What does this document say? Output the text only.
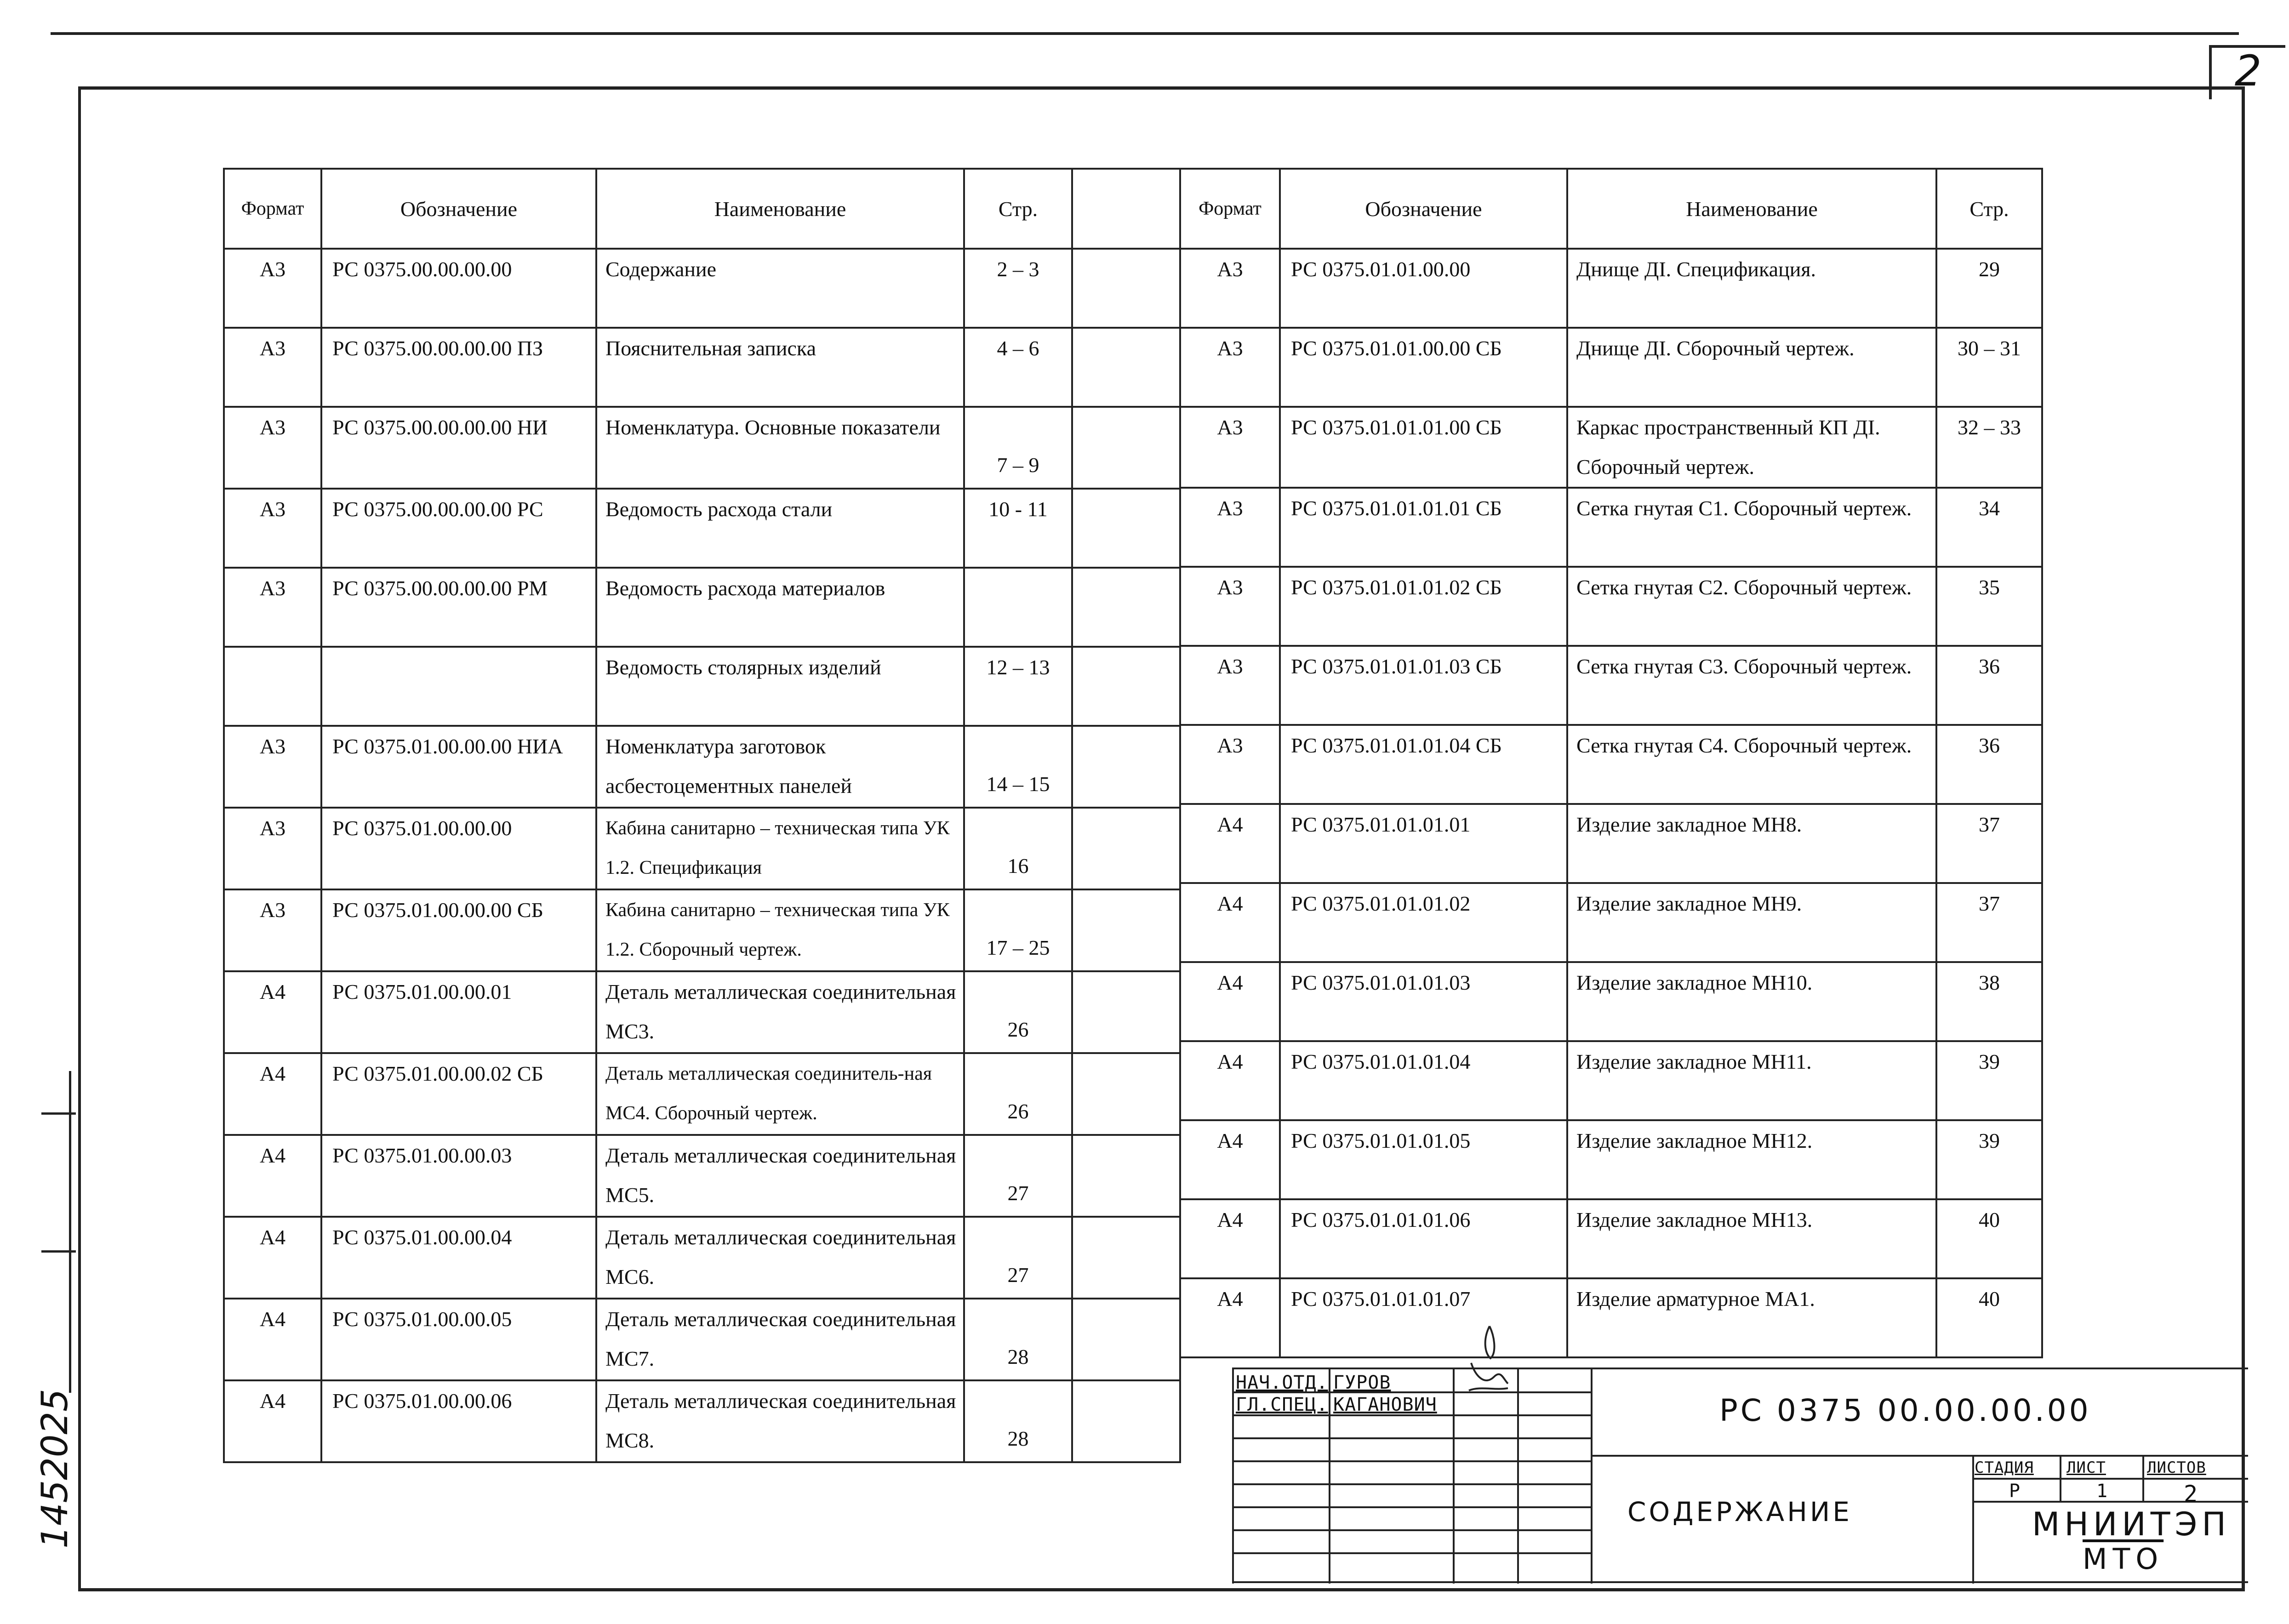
2
Формат	Обозначение	Наименование	Стр.	
А3	РС 0375.00.00.00.00	Содержание	2 – 3	
А3	РС 0375.00.00.00.00 ПЗ	Пояснительная записка	4 – 6	
А3	РС 0375.00.00.00.00 НИ	Номенклатура. Основные показатели	7 – 9	
А3	РС 0375.00.00.00.00 РС	Ведомость расхода стали	10 - 11	
А3	РС 0375.00.00.00.00 РМ	Ведомость расхода материалов		
		Ведомость столярных изделий	12 – 13	
А3	РС 0375.01.00.00.00 НИА	Номенклатура заготовок асбестоцементных панелей	14 – 15	
А3	РС 0375.01.00.00.00	Кабина санитарно – техническая типа УК 1.2. Спецификация	16	
А3	РС 0375.01.00.00.00 СБ	Кабина санитарно – техническая типа УК 1.2. Сборочный чертеж.	17 – 25	
А4	РС 0375.01.00.00.01	Деталь металлическая соединительная МС3.	26	
А4	РС 0375.01.00.00.02 СБ	Деталь металлическая соединитель-ная МС4. Сборочный чертеж.	26	
А4	РС 0375.01.00.00.03	Деталь металлическая соединительная МС5.	27	
А4	РС 0375.01.00.00.04	Деталь металлическая соединительная МС6.	27	
А4	РС 0375.01.00.00.05	Деталь металлическая соединительная МС7.	28	
А4	РС 0375.01.00.00.06	Деталь металлическая соединительная МС8.	28	
Формат	Обозначение	Наименование	Стр.
А3	РС 0375.01.01.00.00	Днище ДI. Спецификация.	29
А3	РС 0375.01.01.00.00 СБ	Днище ДI. Сборочный чертеж.	30 – 31
А3	РС 0375.01.01.01.00 СБ	Каркас пространственный КП ДI. Сборочный чертеж.	32 – 33
А3	РС 0375.01.01.01.01 СБ	Сетка гнутая С1. Сборочный чертеж.	34
А3	РС 0375.01.01.01.02 СБ	Сетка гнутая С2. Сборочный чертеж.	35
А3	РС 0375.01.01.01.03 СБ	Сетка гнутая С3. Сборочный чертеж.	36
А3	РС 0375.01.01.01.04 СБ	Сетка гнутая С4. Сборочный чертеж.	36
А4	РС 0375.01.01.01.01	Изделие закладное МН8.	37
А4	РС 0375.01.01.01.02	Изделие закладное МН9.	37
А4	РС 0375.01.01.01.03	Изделие закладное МН10.	38
А4	РС 0375.01.01.01.04	Изделие закладное МН11.	39
А4	РС 0375.01.01.01.05	Изделие закладное МН12.	39
А4	РС 0375.01.01.01.06	Изделие закладное МН13.	40
А4	РС 0375.01.01.01.07	Изделие арматурное МА1.	40
НАЧ.ОТД. ГУРОВ
ГЛ.СПЕЦ. КАГАНОВИЧ	РС 0375 00.00.00.00
СОДЕРЖАНИЕ
СТАДИЯ ЛИСТ	ЛИСТОВ
Р	1	2
МНИИТЭП
МТО
1452025
